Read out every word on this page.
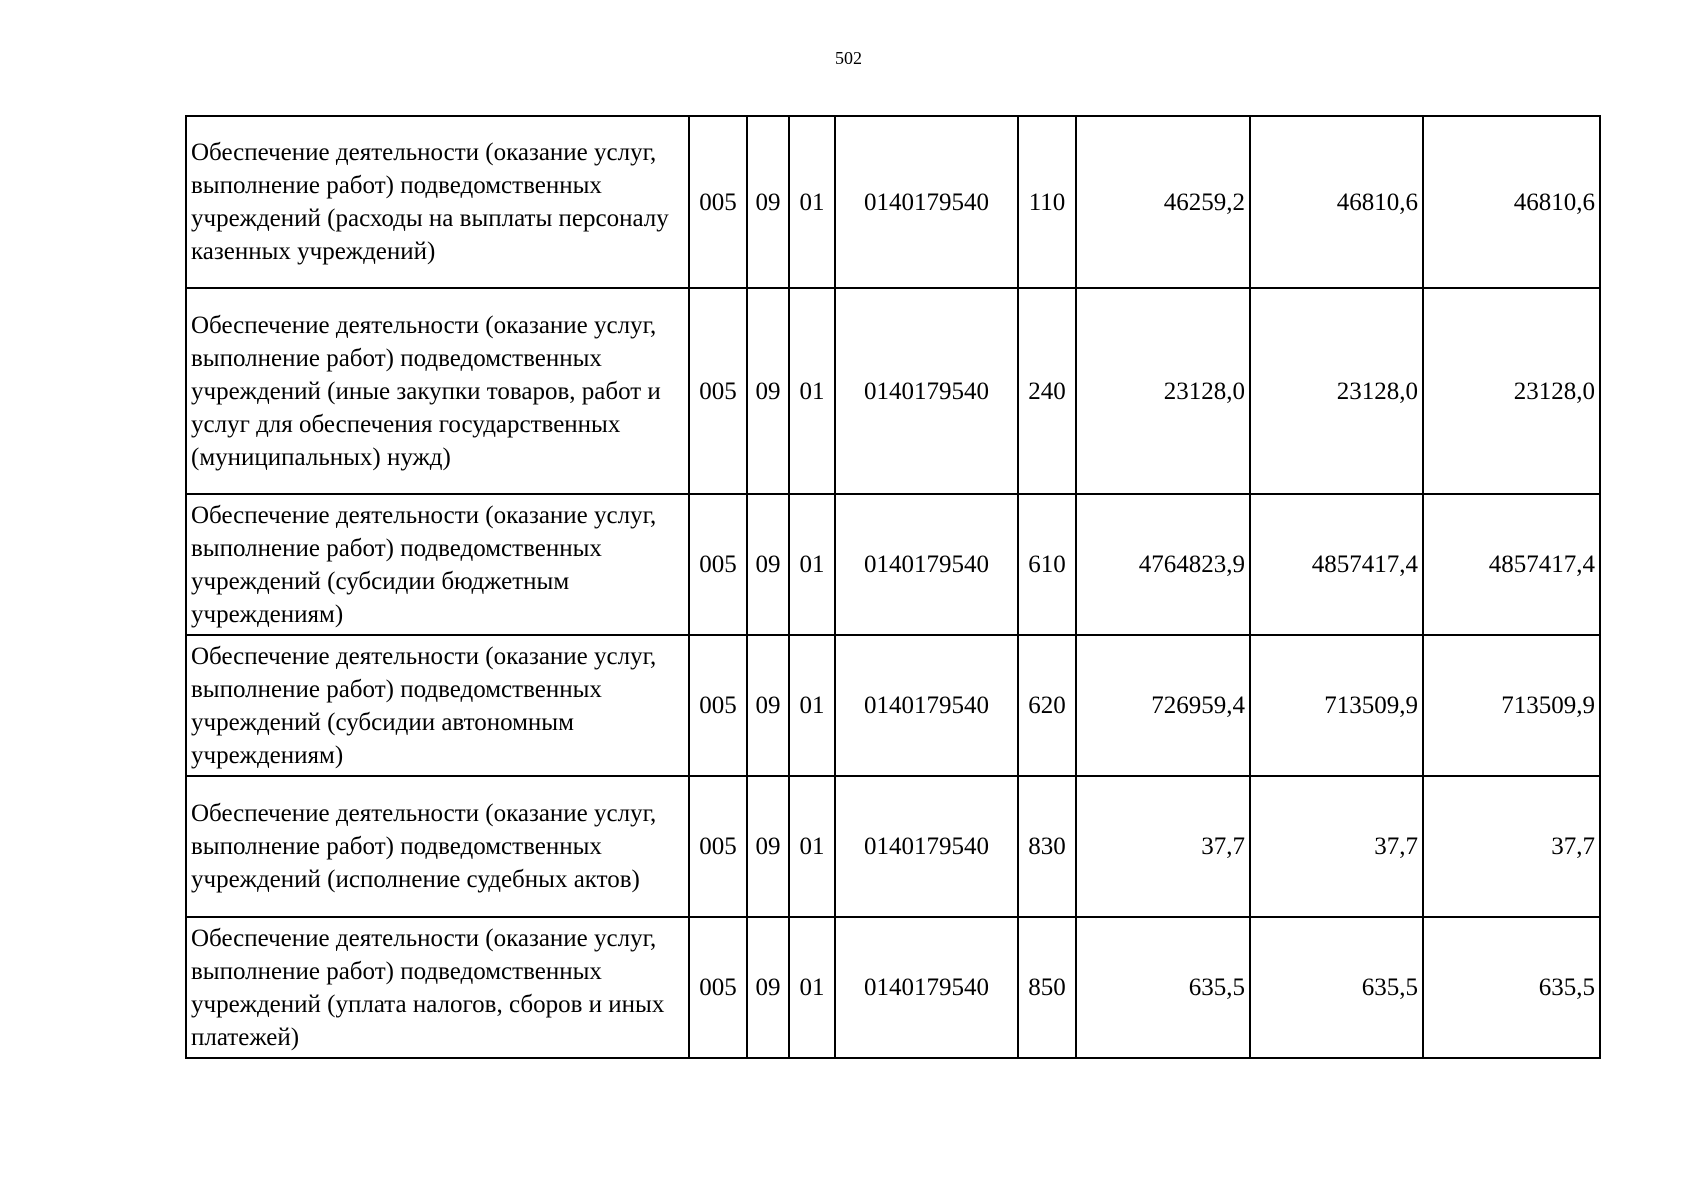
502
Обеспечение деятельности (оказание услуг, выполнение работ) подведомственных учреждений (расходы на выплаты персоналу казенных учреждений)	005	09	01	0140179540	110	46259,2	46810,6	46810,6
Обеспечение деятельности (оказание услуг, выполнение работ) подведомственных учреждений (иные закупки товаров, работ и услуг для обеспечения государственных (муниципальных) нужд)	005	09	01	0140179540	240	23128,0	23128,0	23128,0
Обеспечение деятельности (оказание услуг, выполнение работ) подведомственных учреждений (субсидии бюджетным учреждениям)	005	09	01	0140179540	610	4764823,9	4857417,4	4857417,4
Обеспечение деятельности (оказание услуг, выполнение работ) подведомственных учреждений (субсидии автономным учреждениям)	005	09	01	0140179540	620	726959,4	713509,9	713509,9
Обеспечение деятельности (оказание услуг, выполнение работ) подведомственных учреждений (исполнение судебных актов)	005	09	01	0140179540	830	37,7	37,7	37,7
Обеспечение деятельности (оказание услуг, выполнение работ) подведомственных учреждений (уплата налогов, сборов и иных платежей)	005	09	01	0140179540	850	635,5	635,5	635,5
